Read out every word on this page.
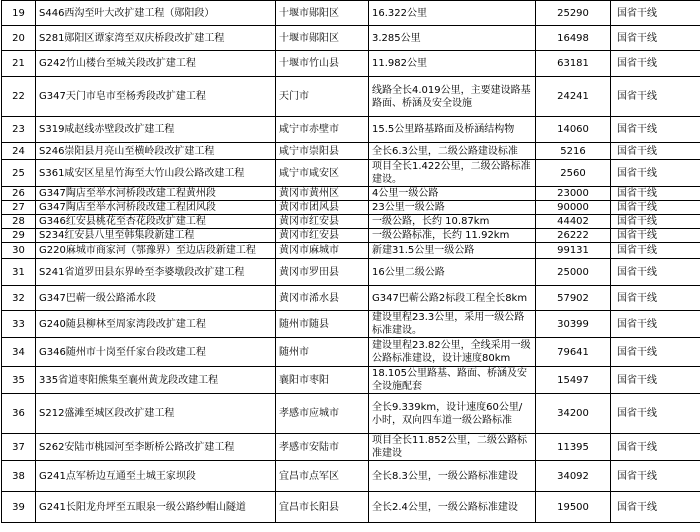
19	S446西沟至叶大改扩建工程（郧阳段）	十堰市郧阳区	16.322公里	25290	国省干线
20	S281郧阳区谭家湾至双庆桥段改扩建工程	十堰市郧阳区	3.285公里	16498	国省干线
21	G242竹山楼台至城关段改扩建工程	十堰市竹山县	11.982公里	63181	国省干线
22	G347天门市皂市至杨秀段改扩建工程	天门市	线路全长4.019公里，主要建设路基路面、桥涵及安全设施	24241	国省干线
23	S319咸赵线赤壁段改扩建工程	咸宁市赤壁市	15.5公里路基路面及桥涵结构物	14060	国省干线
24	S246崇阳县月亮山至横岭段改扩建工程	咸宁市崇阳县	全长6.3公里，二级公路建设标准	5216	国省干线
25	S361咸安区星星竹海至大竹山段公路改建工程	咸宁市咸安区	项目全长1.422公里，二级公路标准建设。	2560	国省干线
26	G347陶店至举水河桥段改建工程黄州段	黄冈市黄州区	4公里一级公路	23000	国省干线
27	G347陶店至举水河桥段改建工程团风段	黄冈市团风县	23公里一级公路	90000	国省干线
28	G346红安县桃花至杏花段改扩建工程	黄冈市红安县	一级公路，长约 10.87km	44402	国省干线
29	S234红安县八里至韩集段新建工程	黄冈市红安县	一级公路标准，长约 11.92km	26222	国省干线
30	G220麻城市商家河（鄂豫界）至边店段新建工程	黄冈市麻城市	新建31.5公里一级公路	99131	国省干线
31	S241省道罗田县东界岭至李婆墩段改扩建工程	黄冈市罗田县	16公里二级公路	25000	国省干线
32	G347巴蕲一级公路浠水段	黄冈市浠水县	G347巴蕲公路2标段工程全长8km	57902	国省干线
33	G240随县柳林至周家湾段改扩建工程	随州市随县	建设里程23.3公里，采用一级公路标准建设。	30399	国省干线
34	G346随州市十岗至仟家台段改建工程	随州市	建设里程23.82公里，全线采用一级公路标准建设，设计速度80km	79641	国省干线
35	335省道枣阳熊集至襄州黄龙段改建工程	襄阳市枣阳	18.105公里路基、路面、桥涵及安全设施配套	15497	国省干线
36	S212盛滩至城区段改扩建工程	孝感市应城市	全长9.339km，设计速度60公里/小时，双向四车道一级公路标准	34200	国省干线
37	S262安陆市桃园河至李断桥公路改扩建工程	孝感市安陆市	项目全长11.852公里，二级公路标准建设	11395	国省干线
38	G241点军桥边互通至土城王家坝段	宜昌市点军区	全长8.3公里，一级公路标准建设	34092	国省干线
39	G241长阳龙舟坪至五眼泉一级公路纱帽山隧道	宜昌市长阳县	全长2.4公里，一级公路标准建设	19500	国省干线
